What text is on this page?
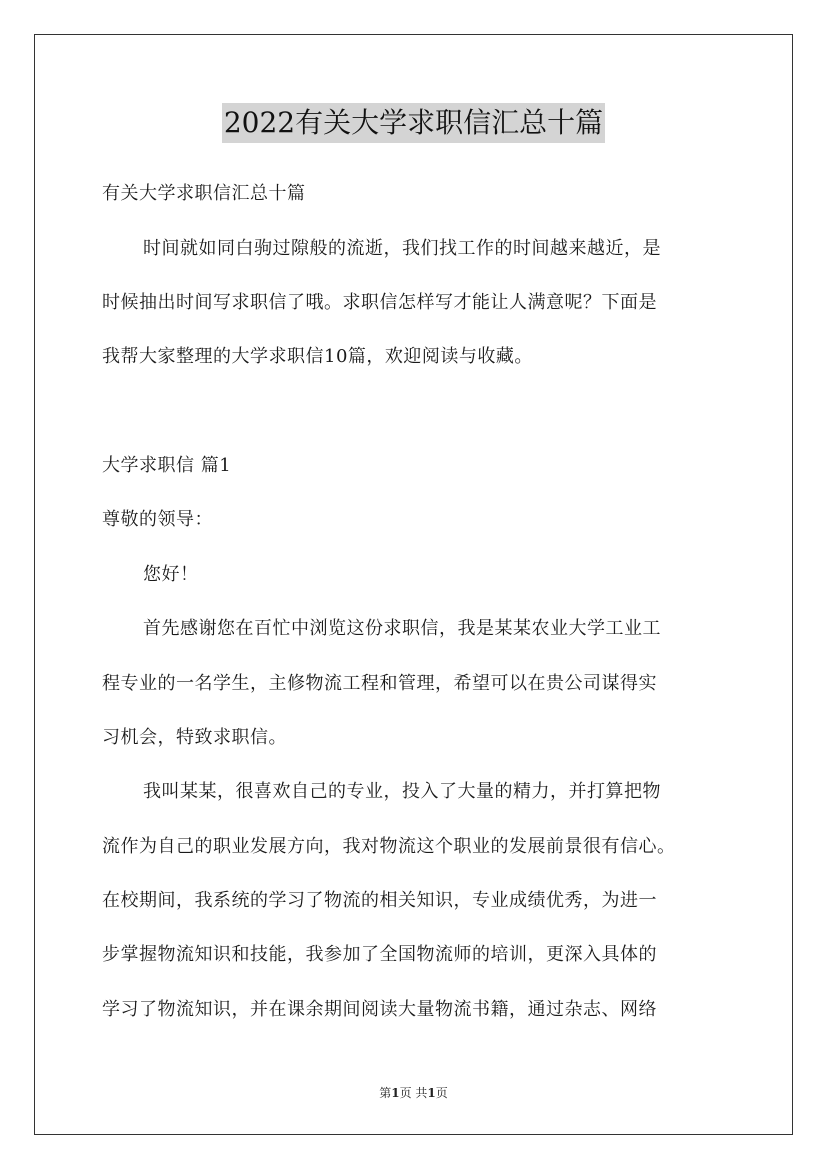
2022有关大学求职信汇总十篇
有关大学求职信汇总十篇
时间就如同白驹过隙般的流逝，我们找工作的时间越来越近，是
时候抽出时间写求职信了哦。求职信怎样写才能让人满意呢？下面是
我帮大家整理的大学求职信10篇，欢迎阅读与收藏。
大学求职信 篇1
尊敬的领导：
您好！
首先感谢您在百忙中浏览这份求职信，我是某某农业大学工业工
程专业的一名学生，主修物流工程和管理，希望可以在贵公司谋得实
习机会，特致求职信。
我叫某某，很喜欢自己的专业，投入了大量的精力，并打算把物
流作为自己的职业发展方向，我对物流这个职业的发展前景很有信心。
在校期间，我系统的学习了物流的相关知识，专业成绩优秀，为进一
步掌握物流知识和技能，我参加了全国物流师的培训，更深入具体的
学习了物流知识，并在课余期间阅读大量物流书籍，通过杂志、网络
第1页 共1页
